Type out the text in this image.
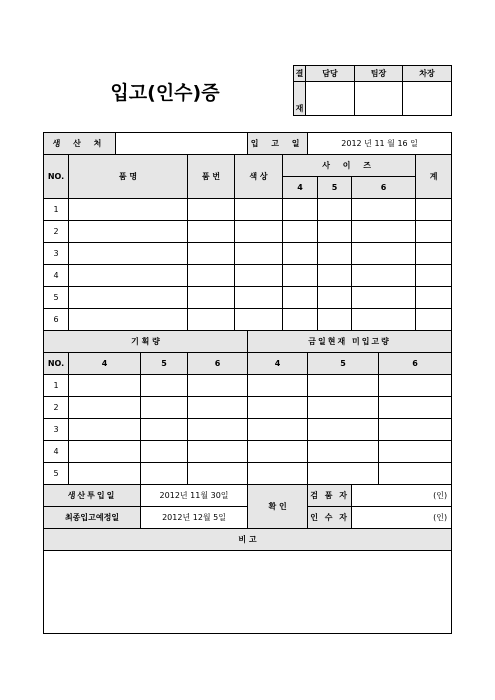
입고(인수)증
결	담당	팀장	차장
재			
생 산 처						입 고 일		2012 년 11 월 16 일				
NO.	품 명			품 번	색 상		사 이 즈					계
							4		5	6		
1												
2												
3												
4												
5												
6												
기 획 량						금일현재 미입고량						
NO.	4		5	6		4		5			6	
1												
2												
3												
4												
5												
생산투입일			2012년 11월 30일			확 인		검 품 자		(인)		
최종입고예정일			2012년 12월 5일					인 수 자		(인)		
비 고												
